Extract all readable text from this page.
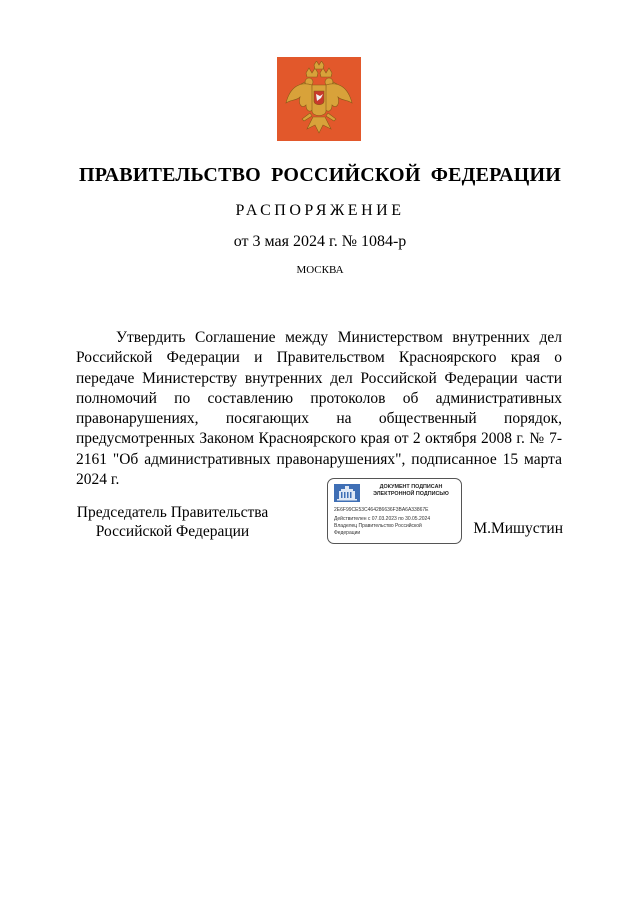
ПРАВИТЕЛЬСТВО РОССИЙСКОЙ ФЕДЕРАЦИИ
РАСПОРЯЖЕНИЕ
от 3 мая 2024 г. № 1084-р
МОСКВА
Утвердить Соглашение между Министерством внутренних дел Российской Федерации и Правительством Красноярского края о передаче Министерству внутренних дел Российской Федерации части полномочий по составлению протоколов об административных правонарушениях, посягающих на общественный порядок, предусмотренных Законом Красноярского края от 2 октября 2008 г. № 7-2161 "Об административных правонарушениях", подписанное 15 марта 2024 г.
Председатель Правительства
Российской Федерации
ДОКУМЕНТ ПОДПИСАН
ЭЛЕКТРОННОЙ ПОДПИСЬЮ
2E6F99CE53C464286636F3BA6A33867E
Действителен с 07.03.2023 по 30.05.2024
Владелец Правительство Российской
Федерации	М.Мишустин
